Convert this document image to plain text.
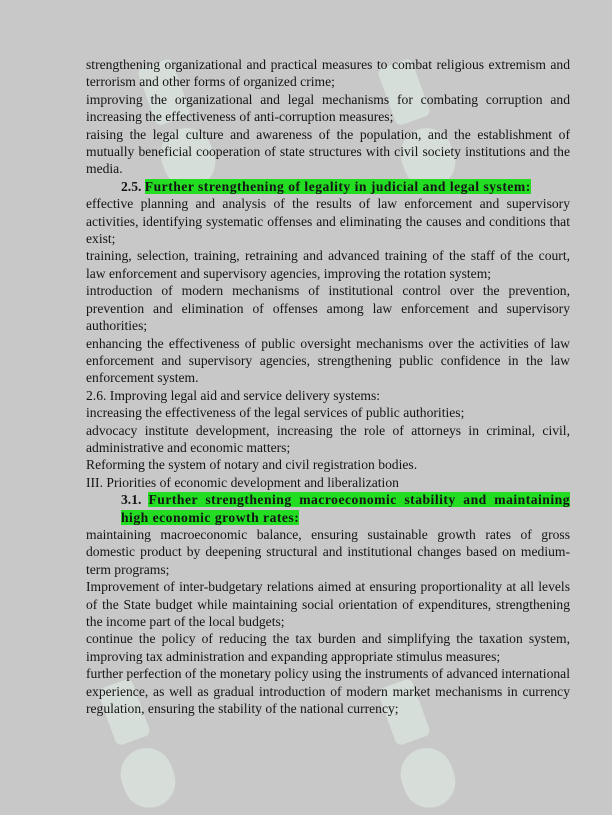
strengthening organizational and practical measures to combat religious extremism and terrorism and other forms of organized crime;

improving the organizational and legal mechanisms for combating corruption and increasing the effectiveness of anti-corruption measures;

raising the legal culture and awareness of the population, and the establishment of mutually beneficial cooperation of state structures with civil society institutions and the media.

2.5. Further strengthening of legality in judicial and legal system:

effective planning and analysis of the results of law enforcement and supervisory activities, identifying systematic offenses and eliminating the causes and conditions that exist;

training, selection, training, retraining and advanced training of the staff of the court, law enforcement and supervisory agencies, improving the rotation system;

introduction of modern mechanisms of institutional control over the prevention, prevention and elimination of offenses among law enforcement and supervisory authorities;

enhancing the effectiveness of public oversight mechanisms over the activities of law enforcement and supervisory agencies, strengthening public confidence in the law enforcement system.

2.6. Improving legal aid and service delivery systems:

increasing the effectiveness of the legal services of public authorities;

advocacy institute development, increasing the role of attorneys in criminal, civil, administrative and economic matters;

Reforming the system of notary and civil registration bodies.

III. Priorities of economic development and liberalization

3.1. Further strengthening macroeconomic stability and maintaining high economic growth rates:

maintaining macroeconomic balance, ensuring sustainable growth rates of gross domestic product by deepening structural and institutional changes based on medium-term programs;

Improvement of inter-budgetary relations aimed at ensuring proportionality at all levels of the State budget while maintaining social orientation of expenditures, strengthening the income part of the local budgets;

continue the policy of reducing the tax burden and simplifying the taxation system, improving tax administration and expanding appropriate stimulus measures;

further perfection of the monetary policy using the instruments of advanced international experience, as well as gradual introduction of modern market mechanisms in currency regulation, ensuring the stability of the national currency;
